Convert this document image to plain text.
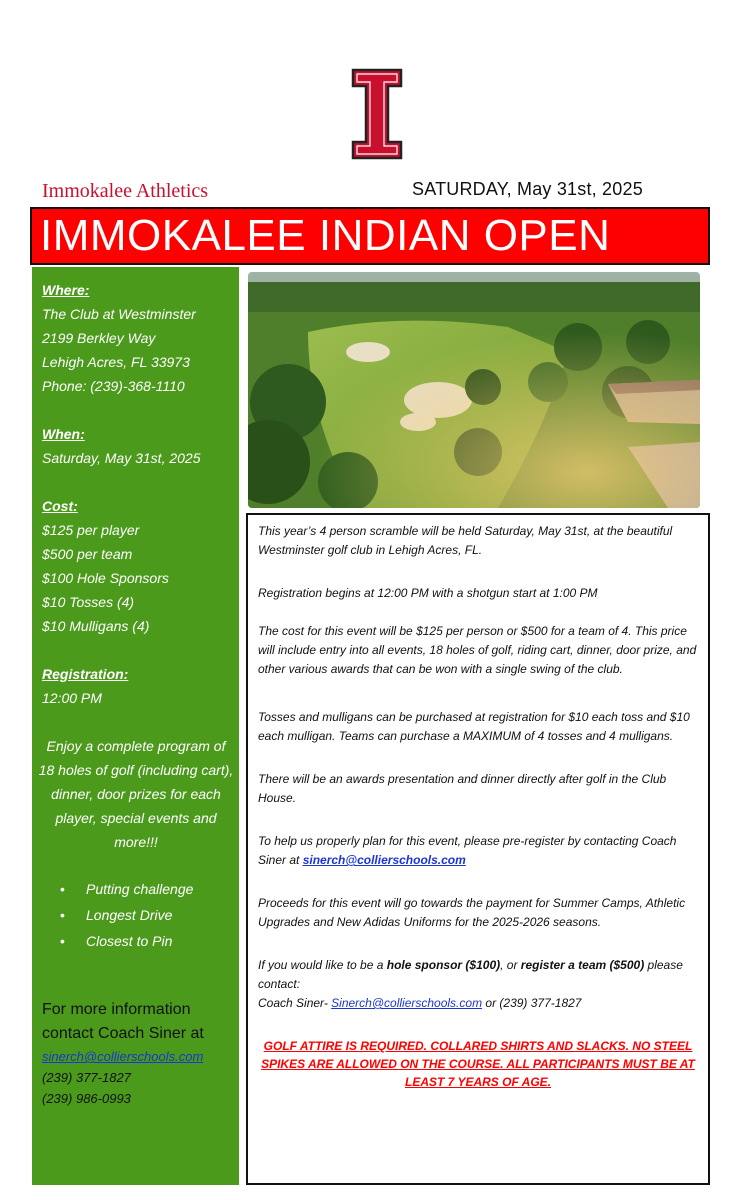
Immokalee Athletics	SATURDAY, May 31st, 2025
IMMOKALEE INDIAN OPEN

Where:

The Club at Westminster

2199 Berkley Way

Lehigh Acres, FL 33973

Phone: (239)-368-1110

When:

Saturday, May 31st, 2025

Cost:

$125 per player

$500 per team

$100 Hole Sponsors

$10 Tosses (4)

$10 Mulligans (4)

Registration:

12:00 PM

Enjoy a complete program of 18 holes of golf (including cart), dinner, door prizes for each player, special events and more!!!
• Putting challenge
• Longest Drive
• Closest to Pin
For more information
contact Coach Siner at
sinerch@collierschools.com
(239) 377-1827
(239) 986-0993
This year’s 4 person scramble will be held Saturday, May 31st, at the beautiful Westminster golf club in Lehigh Acres, FL.
Registration begins at 12:00 PM with a shotgun start at 1:00 PM
The cost for this event will be $125 per person or $500 for a team of 4. This price will include entry into all events, 18 holes of golf, riding cart, dinner, door prize, and other various awards that can be won with a single swing of the club.
Tosses and mulligans can be purchased at registration for $10 each toss and $10 each mulligan. Teams can purchase a MAXIMUM of 4 tosses and 4 mulligans.
There will be an awards presentation and dinner directly after golf in the Club House.
To help us properly plan for this event, please pre-register by contacting Coach Siner at sinerch@collierschools.com
Proceeds for this event will go towards the payment for Summer Camps, Athletic Upgrades and New Adidas Uniforms for the 2025-2026 seasons.
If you would like to be a hole sponsor ($100), or register a team ($500) please contact:
Coach Siner- Sinerch@collierschools.com or (239) 377-1827
GOLF ATTIRE IS REQUIRED. COLLARED SHIRTS AND SLACKS. NO STEEL SPIKES ARE ALLOWED ON THE COURSE. ALL PARTICIPANTS MUST BE AT LEAST 7 YEARS OF AGE.
